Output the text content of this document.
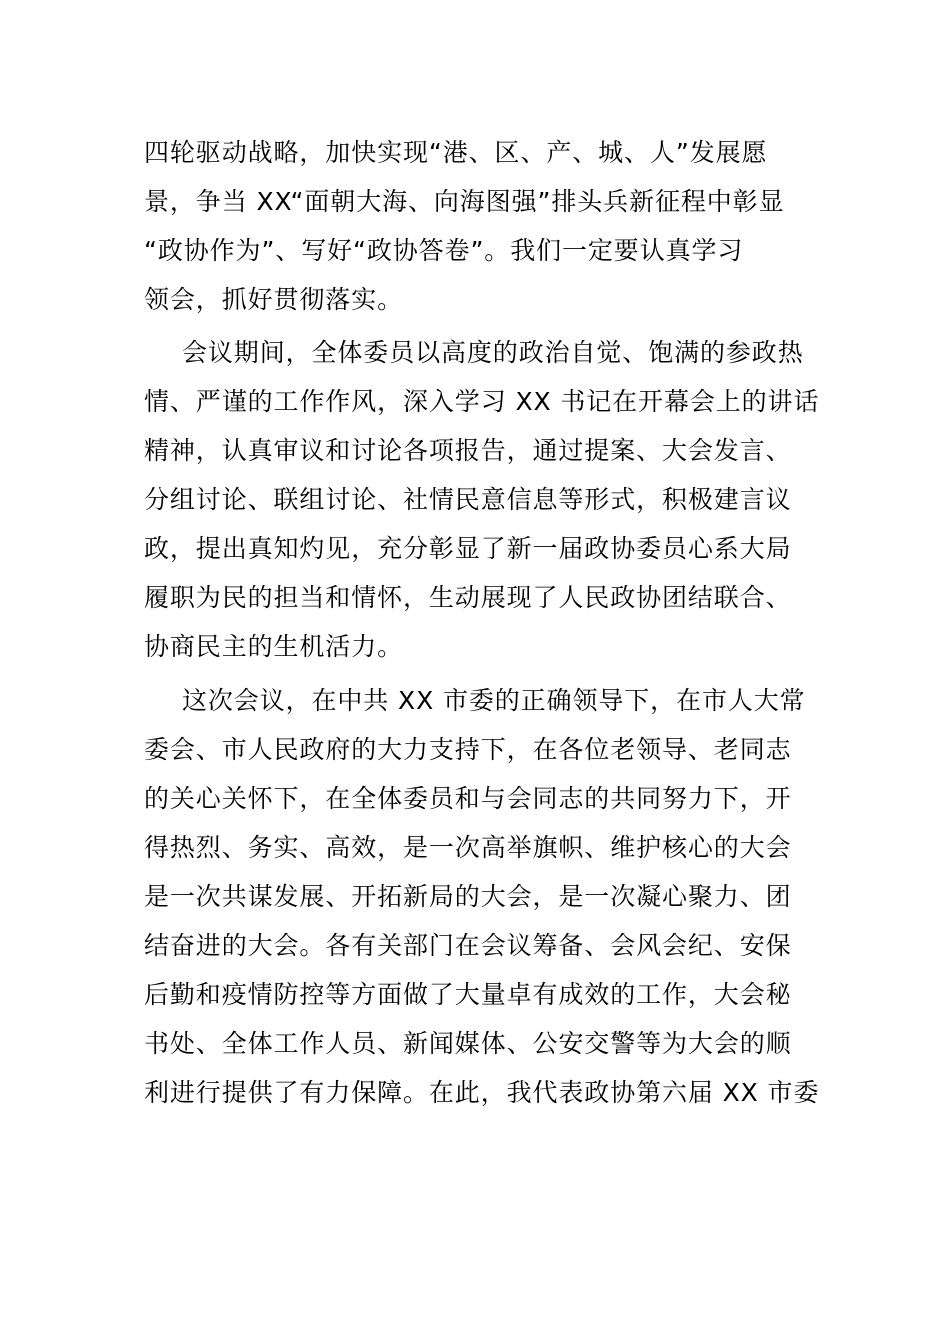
四轮驱动战略，加快实现“港、区、产、城、人”发展愿
景，争当 XX“面朝大海、向海图强”排头兵新征程中彰显
“政协作为”、写好“政协答卷”。我们一定要认真学习
领会，抓好贯彻落实。
会议期间，全体委员以高度的政治自觉、饱满的参政热
情、严谨的工作作风，深入学习 XX 书记在开幕会上的讲话
精神，认真审议和讨论各项报告，通过提案、大会发言、
分组讨论、联组讨论、社情民意信息等形式，积极建言议
政，提出真知灼见，充分彰显了新一届政协委员心系大局
履职为民的担当和情怀，生动展现了人民政协团结联合、
协商民主的生机活力。
这次会议，在中共 XX 市委的正确领导下，在市人大常
委会、市人民政府的大力支持下，在各位老领导、老同志
的关心关怀下，在全体委员和与会同志的共同努力下，开
得热烈、务实、高效，是一次高举旗帜、维护核心的大会
是一次共谋发展、开拓新局的大会，是一次凝心聚力、团
结奋进的大会。各有关部门在会议筹备、会风会纪、安保
后勤和疫情防控等方面做了大量卓有成效的工作，大会秘
书处、全体工作人员、新闻媒体、公安交警等为大会的顺
利进行提供了有力保障。在此，我代表政协第六届 XX 市委
